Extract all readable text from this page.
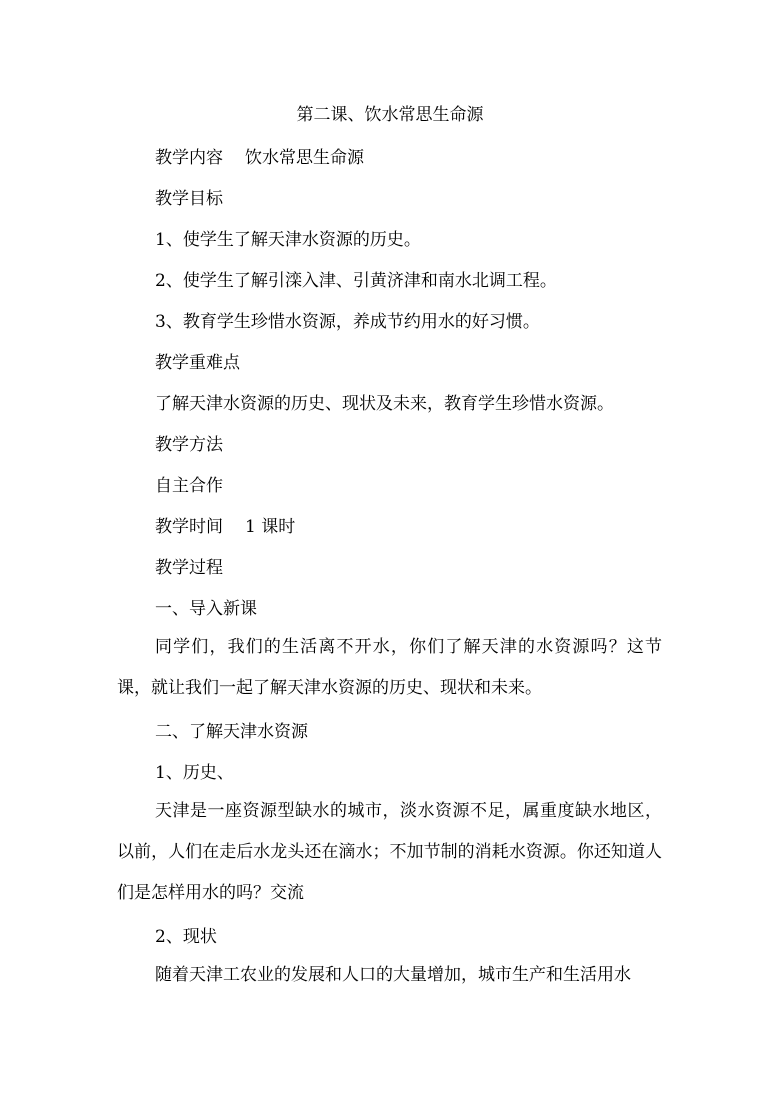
第二课、饮水常思生命源
教学内容 饮水常思生命源
教学目标
1、使学生了解天津水资源的历史。
2、使学生了解引滦入津、引黄济津和南水北调工程。
3、教育学生珍惜水资源，养成节约用水的好习惯。
教学重难点
了解天津水资源的历史、现状及未来，教育学生珍惜水资源。
教学方法
自主合作
教学时间 1 课时
教学过程
一、导入新课
同学们，我们的生活离不开水，你们了解天津的水资源吗？这节课，就让我们一起了解天津水资源的历史、现状和未来。
二、了解天津水资源
1、历史、
天津是一座资源型缺水的城市，淡水资源不足，属重度缺水地区，以前，人们在走后水龙头还在滴水；不加节制的消耗水资源。你还知道人们是怎样用水的吗？交流
2、现状
随着天津工农业的发展和人口的大量增加，城市生产和生活用水
